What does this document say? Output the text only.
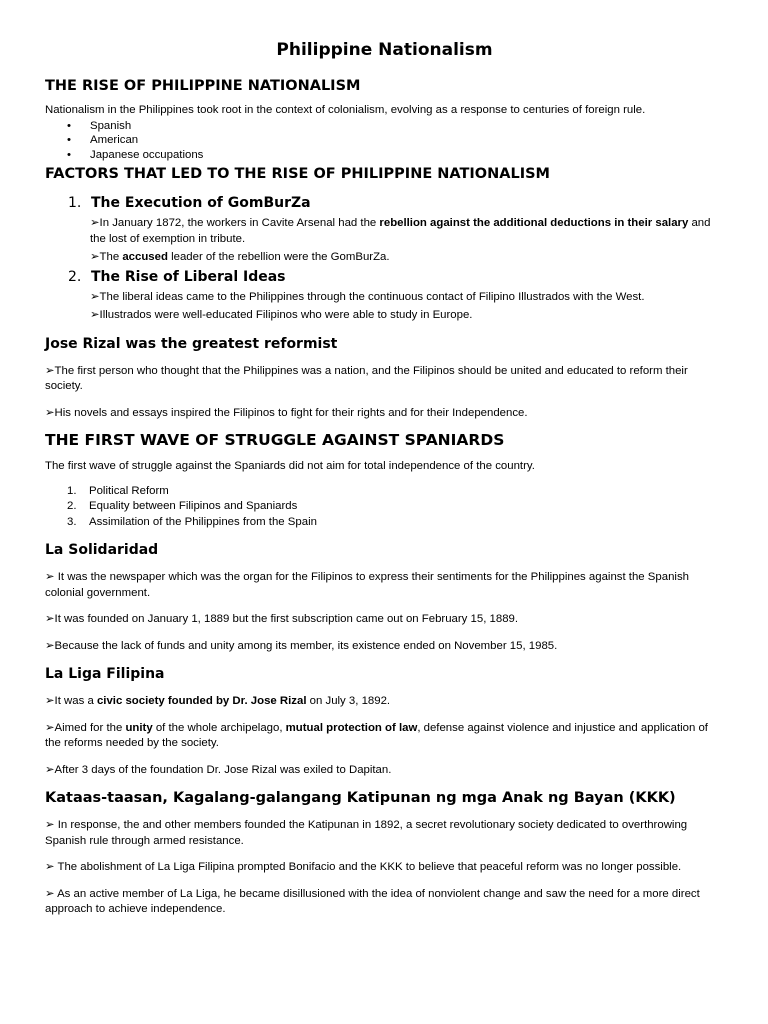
Philippine Nationalism
THE RISE OF PHILIPPINE NATIONALISM

Nationalism in the Philippines took root in the context of colonialism, evolving as a response to centuries of foreign rule.

• Spanish
• American
• Japanese occupations
FACTORS THAT LED TO THE RISE OF PHILIPPINE NATIONALISM
1. The Execution of GomBurZa

➢In January 1872, the workers in Cavite Arsenal had the rebellion against the additional deductions in their salary and the lost of exemption in tribute.

➢The accused leader of the rebellion were the GomBurZa.

2. The Rise of Liberal Ideas

➢The liberal ideas came to the Philippines through the continuous contact of Filipino Illustrados with the West.

➢Illustrados were well-educated Filipinos who were able to study in Europe.

Jose Rizal was the greatest reformist

➢The first person who thought that the Philippines was a nation, and the Filipinos should be united and educated to reform their society.

➢His novels and essays inspired the Filipinos to fight for their rights and for their Independence.

THE FIRST WAVE OF STRUGGLE AGAINST SPANIARDS

The first wave of struggle against the Spaniards did not aim for total independence of the country.

1. Political Reform
2. Equality between Filipinos and Spaniards
3. Assimilation of the Philippines from the Spain
La Solidaridad

➢ It was the newspaper which was the organ for the Filipinos to express their sentiments for the Philippines against the Spanish colonial government.

➢It was founded on January 1, 1889 but the first subscription came out on February 15, 1889.

➢Because the lack of funds and unity among its member, its existence ended on November 15, 1985.

La Liga Filipina

➢It was a civic society founded by Dr. Jose Rizal on July 3, 1892.

➢Aimed for the unity of the whole archipelago, mutual protection of law, defense against violence and injustice and application of the reforms needed by the society.

➢After 3 days of the foundation Dr. Jose Rizal was exiled to Dapitan.

Kataas-taasan, Kagalang-galangang Katipunan ng mga Anak ng Bayan (KKK)

➢ In response, the and other members founded the Katipunan in 1892, a secret revolutionary society dedicated to overthrowing Spanish rule through armed resistance.

➢ The abolishment of La Liga Filipina prompted Bonifacio and the KKK to believe that peaceful reform was no longer possible.

➢ As an active member of La Liga, he became disillusioned with the idea of nonviolent change and saw the need for a more direct approach to achieve independence.
